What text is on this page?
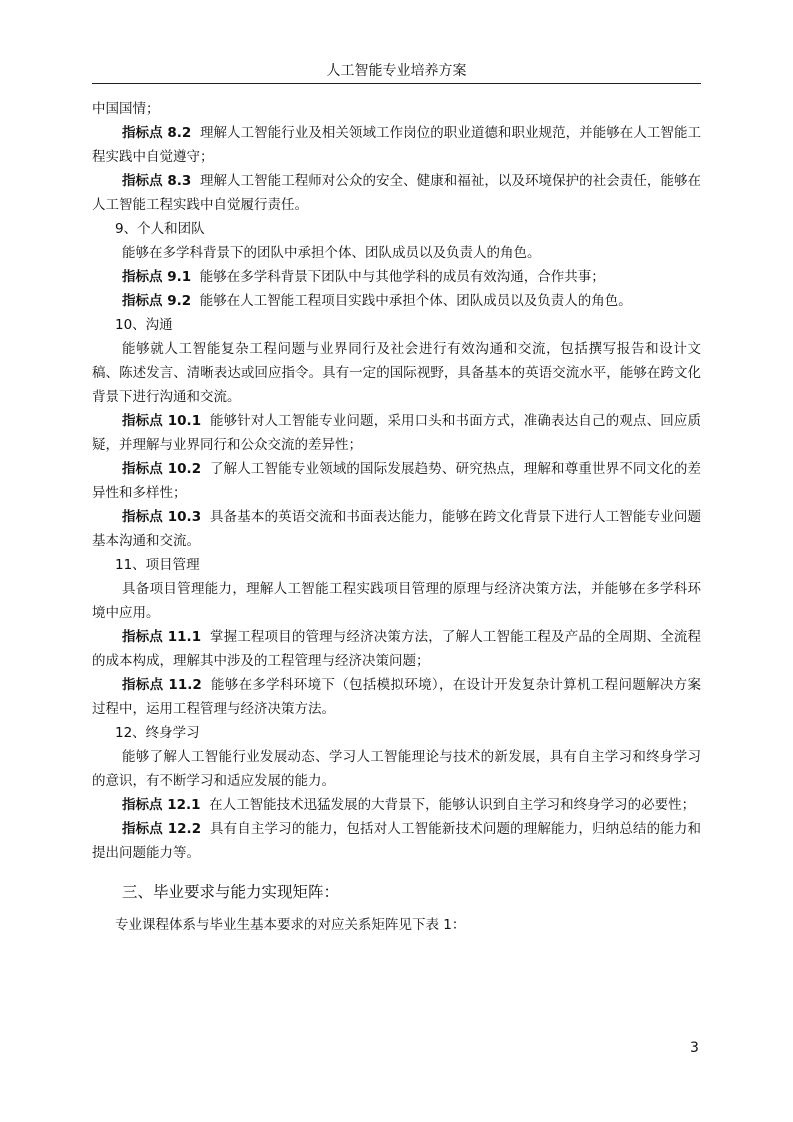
人工智能专业培养方案

中国国情；

指标点 8.2 理解人工智能行业及相关领域工作岗位的职业道德和职业规范，并能够在人工智能工程实践中自觉遵守；

指标点 8.3 理解人工智能工程师对公众的安全、健康和福祉，以及环境保护的社会责任，能够在人工智能工程实践中自觉履行责任。

9、个人和团队

能够在多学科背景下的团队中承担个体、团队成员以及负责人的角色。

指标点 9.1 能够在多学科背景下团队中与其他学科的成员有效沟通，合作共事；

指标点 9.2 能够在人工智能工程项目实践中承担个体、团队成员以及负责人的角色。

10、沟通

能够就人工智能复杂工程问题与业界同行及社会进行有效沟通和交流，包括撰写报告和设计文稿、陈述发言、清晰表达或回应指令。具有一定的国际视野，具备基本的英语交流水平，能够在跨文化背景下进行沟通和交流。

指标点 10.1 能够针对人工智能专业问题，采用口头和书面方式，准确表达自己的观点、回应质疑，并理解与业界同行和公众交流的差异性；

指标点 10.2 了解人工智能专业领域的国际发展趋势、研究热点，理解和尊重世界不同文化的差异性和多样性；

指标点 10.3 具备基本的英语交流和书面表达能力，能够在跨文化背景下进行人工智能专业问题基本沟通和交流。

11、项目管理

具备项目管理能力，理解人工智能工程实践项目管理的原理与经济决策方法，并能够在多学科环境中应用。

指标点 11.1 掌握工程项目的管理与经济决策方法，了解人工智能工程及产品的全周期、全流程的成本构成，理解其中涉及的工程管理与经济决策问题；

指标点 11.2 能够在多学科环境下（包括模拟环境），在设计开发复杂计算机工程问题解决方案过程中，运用工程管理与经济决策方法。

12、终身学习

能够了解人工智能行业发展动态、学习人工智能理论与技术的新发展，具有自主学习和终身学习的意识，有不断学习和适应发展的能力。

指标点 12.1 在人工智能技术迅猛发展的大背景下，能够认识到自主学习和终身学习的必要性；

指标点 12.2 具有自主学习的能力，包括对人工智能新技术问题的理解能力，归纳总结的能力和提出问题能力等。

三、毕业要求与能力实现矩阵：

专业课程体系与毕业生基本要求的对应关系矩阵见下表 1：

3
